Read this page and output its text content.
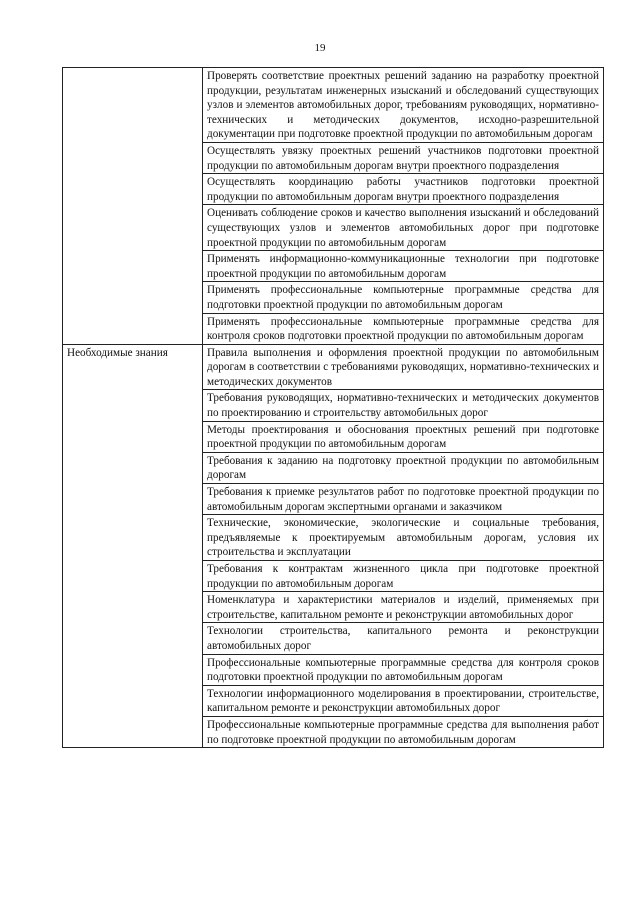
19
	Проверять соответствие проектных решений заданию на разработку проектной продукции, результатам инженерных изысканий и обследований существующих узлов и элементов автомобильных дорог, требованиям руководящих, нормативно-технических и методических документов, исходно-разрешительной документации при подготовке проектной продукции по автомобильным дорогам
	Осуществлять увязку проектных решений участников подготовки проектной продукции по автомобильным дорогам внутри проектного подразделения
	Осуществлять координацию работы участников подготовки проектной продукции по автомобильным дорогам внутри проектного подразделения
	Оценивать соблюдение сроков и качество выполнения изысканий и обследований существующих узлов и элементов автомобильных дорог при подготовке проектной продукции по автомобильным дорогам
	Применять информационно-коммуникационные технологии при подготовке проектной продукции по автомобильным дорогам
	Применять профессиональные компьютерные программные средства для подготовки проектной продукции по автомобильным дорогам
	Применять профессиональные компьютерные программные средства для контроля сроков подготовки проектной продукции по автомобильным дорогам
Необходимые знания	Правила выполнения и оформления проектной продукции по автомобильным дорогам в соответствии с требованиями руководящих, нормативно-технических и методических документов
	Требования руководящих, нормативно-технических и методических документов по проектированию и строительству автомобильных дорог
	Методы проектирования и обоснования проектных решений при подготовке проектной продукции по автомобильным дорогам
	Требования к заданию на подготовку проектной продукции по автомобильным дорогам
	Требования к приемке результатов работ по подготовке проектной продукции по автомобильным дорогам экспертными органами и заказчиком
	Технические, экономические, экологические и социальные требования, предъявляемые к проектируемым автомобильным дорогам, условия их строительства и эксплуатации
	Требования к контрактам жизненного цикла при подготовке проектной продукции по автомобильным дорогам
	Номенклатура и характеристики материалов и изделий, применяемых при строительстве, капитальном ремонте и реконструкции автомобильных дорог
	Технологии строительства, капитального ремонта и реконструкции автомобильных дорог
	Профессиональные компьютерные программные средства для контроля сроков подготовки проектной продукции по автомобильным дорогам
	Технологии информационного моделирования в проектировании, строительстве, капитальном ремонте и реконструкции автомобильных дорог
	Профессиональные компьютерные программные средства для выполнения работ по подготовке проектной продукции по автомобильным дорогам
